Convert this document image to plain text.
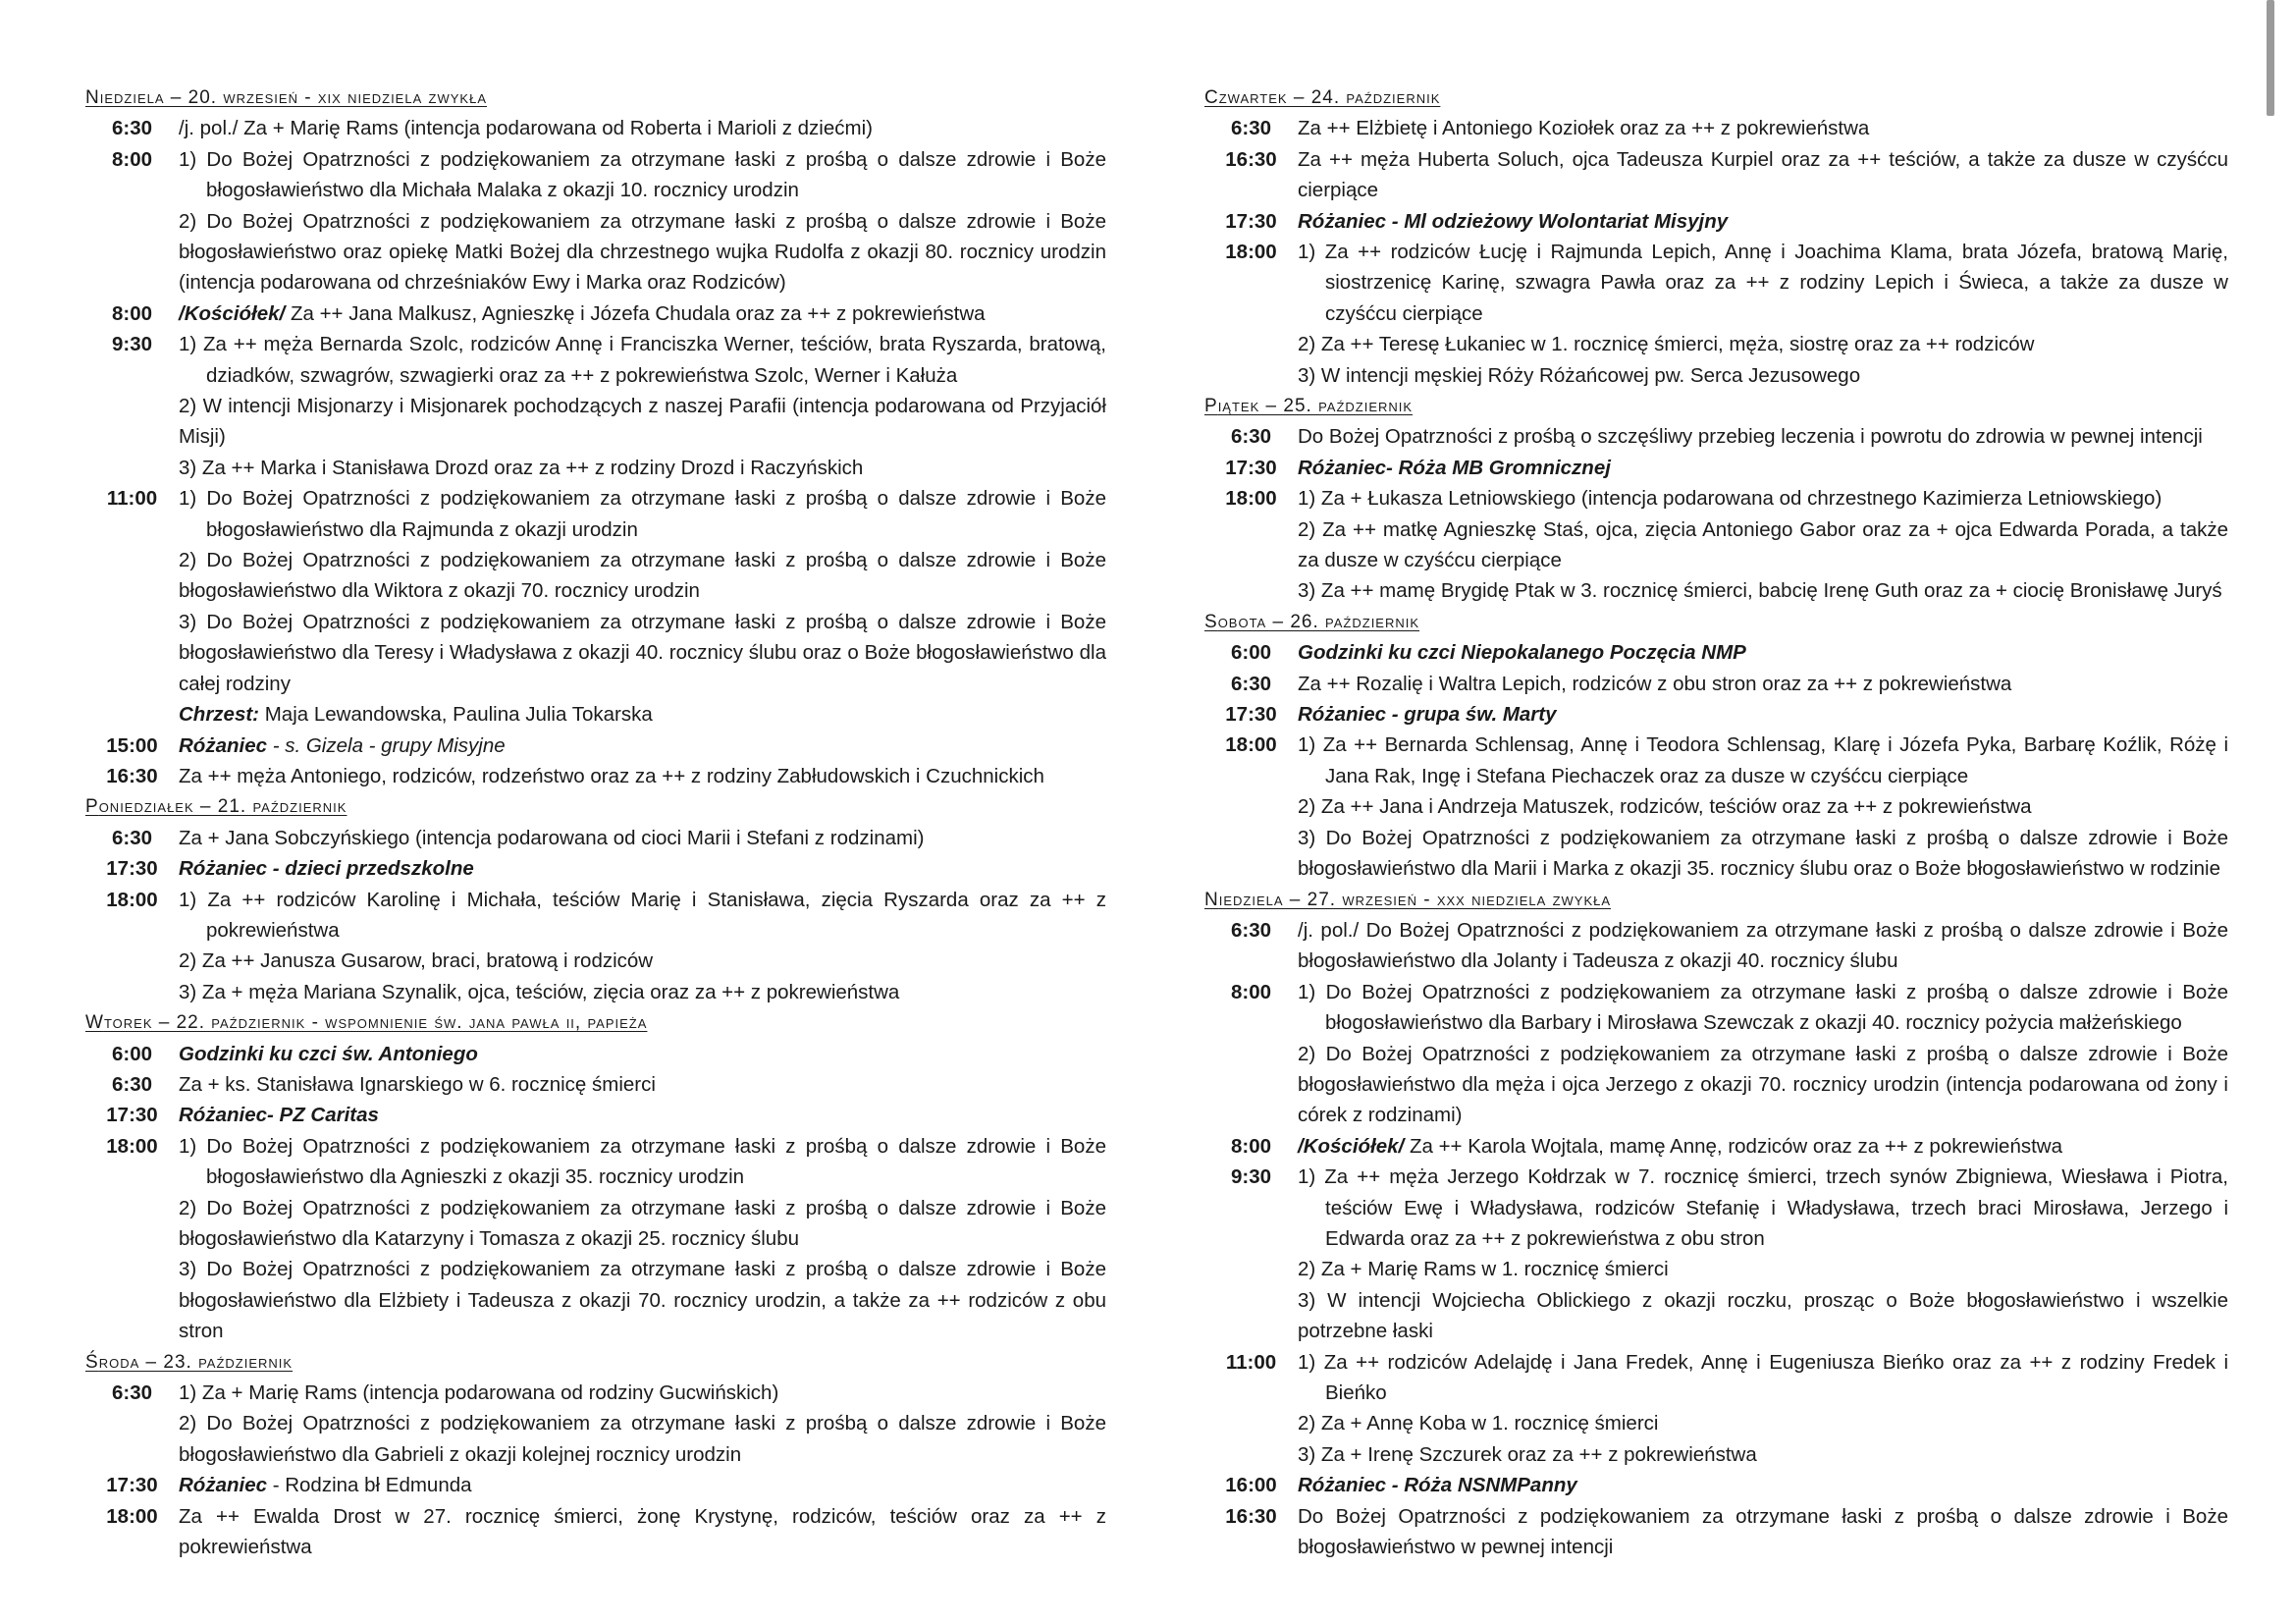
Niedziela – 20. wrzesień - xix niedziela zwykła
6:30	/j. pol./ Za + Marię Rams (intencja podarowana od Roberta i Marioli z dziećmi)
8:00	1) Do Bożej Opatrzności z podziękowaniem za otrzymane łaski z prośbą o dalsze zdrowie i Boże błogosławieństwo dla Michała Malaka z okazji 10. rocznicy urodzin
2) Do Bożej Opatrzności z podziękowaniem za otrzymane łaski z prośbą o dalsze zdrowie i Boże błogosławieństwo oraz opiekę Matki Bożej dla chrzestnego wujka Rudolfa z okazji 80. rocznicy urodzin (intencja podarowana od chrześniaków Ewy i Marka oraz Rodziców)
8:00	/Kościółek/ Za ++ Jana Malkusz, Agnieszkę i Józefa Chudala oraz za ++ z pokrewieństwa
9:30	1) Za ++ męża Bernarda Szolc, rodziców Annę i Franciszka Werner, teściów, brata Ryszarda, bratową, dziadków, szwagrów, szwagierki oraz za ++ z pokrewieństwa Szolc, Werner i Kałuża
2) W intencji Misjonarzy i Misjonarek pochodzących z naszej Parafii (intencja podarowana od Przyjaciół Misji)
3) Za ++ Marka i Stanisława Drozd oraz za ++ z rodziny Drozd i Raczyńskich
11:00	1) Do Bożej Opatrzności z podziękowaniem za otrzymane łaski z prośbą o dalsze zdrowie i Boże błogosławieństwo dla Rajmunda z okazji urodzin
2) Do Bożej Opatrzności z podziękowaniem za otrzymane łaski z prośbą o dalsze zdrowie i Boże błogosławieństwo dla Wiktora z okazji 70. rocznicy urodzin
3) Do Bożej Opatrzności z podziękowaniem za otrzymane łaski z prośbą o dalsze zdrowie i Boże błogosławieństwo dla Teresy i Władysława z okazji 40. rocznicy ślubu oraz o Boże błogosławieństwo dla całej rodziny
Chrzest: Maja Lewandowska, Paulina Julia Tokarska
15:00	Różaniec - s. Gizela - grupy Misyjne
16:30	Za ++ męża Antoniego, rodziców, rodzeństwo oraz za ++ z rodziny Zabłudowskich i Czuchnickich
Poniedziałek – 21. październik
6:30	Za + Jana Sobczyńskiego (intencja podarowana od cioci Marii i Stefani z rodzinami)
17:30	Różaniec - dzieci przedszkolne
18:00	1) Za ++ rodziców Karolinę i Michała, teściów Marię i Stanisława, zięcia Ryszarda oraz za ++ z pokrewieństwa
2) Za ++ Janusza Gusarow, braci, bratową i rodziców
3) Za + męża Mariana Szynalik, ojca, teściów, zięcia oraz za ++ z pokrewieństwa
Wtorek – 22. październik - wspomnienie św. jana pawła ii, papieża
6:00	Godzinki ku czci św. Antoniego
6:30	Za + ks. Stanisława Ignarskiego w 6. rocznicę śmierci
17:30	Różaniec- PZ Caritas
18:00	1) Do Bożej Opatrzności z podziękowaniem za otrzymane łaski z prośbą o dalsze zdrowie i Boże błogosławieństwo dla Agnieszki z okazji 35. rocznicy urodzin
2) Do Bożej Opatrzności z podziękowaniem za otrzymane łaski z prośbą o dalsze zdrowie i Boże błogosławieństwo dla Katarzyny i Tomasza z okazji 25. rocznicy ślubu
3) Do Bożej Opatrzności z podziękowaniem za otrzymane łaski z prośbą o dalsze zdrowie i Boże błogosławieństwo dla Elżbiety i Tadeusza z okazji 70. rocznicy urodzin, a także za ++ rodziców z obu stron
Środa – 23. październik
6:30	1) Za + Marię Rams (intencja podarowana od rodziny Gucwińskich)
2) Do Bożej Opatrzności z podziękowaniem za otrzymane łaski z prośbą o dalsze zdrowie i Boże błogosławieństwo dla Gabrieli z okazji kolejnej rocznicy urodzin
17:30	Różaniec - Rodzina bł Edmunda
18:00	Za ++ Ewalda Drost w 27. rocznicę śmierci, żonę Krystynę, rodziców, teściów oraz za ++ z pokrewieństwa
Czwartek – 24. październik
6:30	Za ++ Elżbietę i Antoniego Koziołek oraz za ++ z pokrewieństwa
16:30	Za ++ męża Huberta Soluch, ojca Tadeusza Kurpiel oraz za ++ teściów, a także za dusze w czyśćcu cierpiące
17:30	Różaniec - Ml odzieżowy Wolontariat Misyjny
18:00	1) Za ++ rodziców Łucję i Rajmunda Lepich, Annę i Joachima Klama, brata Józefa, bratową Marię, siostrzenicę Karinę, szwagra Pawła oraz za ++ z rodziny Lepich i Świeca, a także za dusze w czyśćcu cierpiące
2) Za ++ Teresę Łukaniec w 1. rocznicę śmierci, męża, siostrę oraz za ++ rodziców
3) W intencji męskiej Róży Różańcowej pw. Serca Jezusowego
Piątek – 25. październik
6:30	Do Bożej Opatrzności z prośbą o szczęśliwy przebieg leczenia i powrotu do zdrowia w pewnej intencji
17:30	Różaniec- Róża MB Gromnicznej
18:00	1) Za + Łukasza Letniowskiego (intencja podarowana od chrzestnego Kazimierza Letniowskiego)
2) Za ++ matkę Agnieszkę Staś, ojca, zięcia Antoniego Gabor oraz za + ojca Edwarda Porada, a także za dusze w czyśćcu cierpiące
3) Za ++ mamę Brygidę Ptak w 3. rocznicę śmierci, babcię Irenę Guth oraz za + ciocię Bronisławę Juryś
Sobota – 26. październik
6:00	Godzinki ku czci Niepokalanego Poczęcia NMP
6:30	Za ++ Rozalię i Waltra Lepich, rodziców z obu stron oraz za ++ z pokrewieństwa
17:30	Różaniec - grupa św. Marty
18:00	1) Za ++ Bernarda Schlensag, Annę i Teodora Schlensag, Klarę i Józefa Pyka, Barbarę Koźlik, Różę i Jana Rak, Ingę i Stefana Piechaczek oraz za dusze w czyśćcu cierpiące
2) Za ++ Jana i Andrzeja Matuszek, rodziców, teściów oraz za ++ z pokrewieństwa
3) Do Bożej Opatrzności z podziękowaniem za otrzymane łaski z prośbą o dalsze zdrowie i Boże błogosławieństwo dla Marii i Marka z okazji 35. rocznicy ślubu oraz o Boże błogosławieństwo w rodzinie
Niedziela – 27. wrzesień - xxx niedziela zwykła
6:30	/j. pol./ Do Bożej Opatrzności z podziękowaniem za otrzymane łaski z prośbą o dalsze zdrowie i Boże błogosławieństwo dla Jolanty i Tadeusza z okazji 40. rocznicy ślubu
8:00	1) Do Bożej Opatrzności z podziękowaniem za otrzymane łaski z prośbą o dalsze zdrowie i Boże błogosławieństwo dla Barbary i Mirosława Szewczak z okazji 40. rocznicy pożycia małżeńskiego
2) Do Bożej Opatrzności z podziękowaniem za otrzymane łaski z prośbą o dalsze zdrowie i Boże błogosławieństwo dla męża i ojca Jerzego z okazji 70. rocznicy urodzin (intencja podarowana od żony i córek z rodzinami)
8:00	/Kościółek/ Za ++ Karola Wojtala, mamę Annę, rodziców oraz za ++ z pokrewieństwa
9:30	1) Za ++ męża Jerzego Kołdrzak w 7. rocznicę śmierci, trzech synów Zbigniewa, Wiesława i Piotra, teściów Ewę i Władysława, rodziców Stefanię i Władysława, trzech braci Mirosława, Jerzego i Edwarda oraz za ++ z pokrewieństwa z obu stron
2) Za + Marię Rams w 1. rocznicę śmierci
3) W intencji Wojciecha Oblickiego z okazji roczku, prosząc o Boże błogosławieństwo i wszelkie potrzebne łaski
11:00	1) Za ++ rodziców Adelajdę i Jana Fredek, Annę i Eugeniusza Bieńko oraz za ++ z rodziny Fredek i Bieńko
2) Za + Annę Koba w 1. rocznicę śmierci
3) Za + Irenę Szczurek oraz za ++ z pokrewieństwa
16:00	Różaniec - Róża NSNMPanny
16:30	Do Bożej Opatrzności z podziękowaniem za otrzymane łaski z prośbą o dalsze zdrowie i Boże błogosławieństwo w pewnej intencji
